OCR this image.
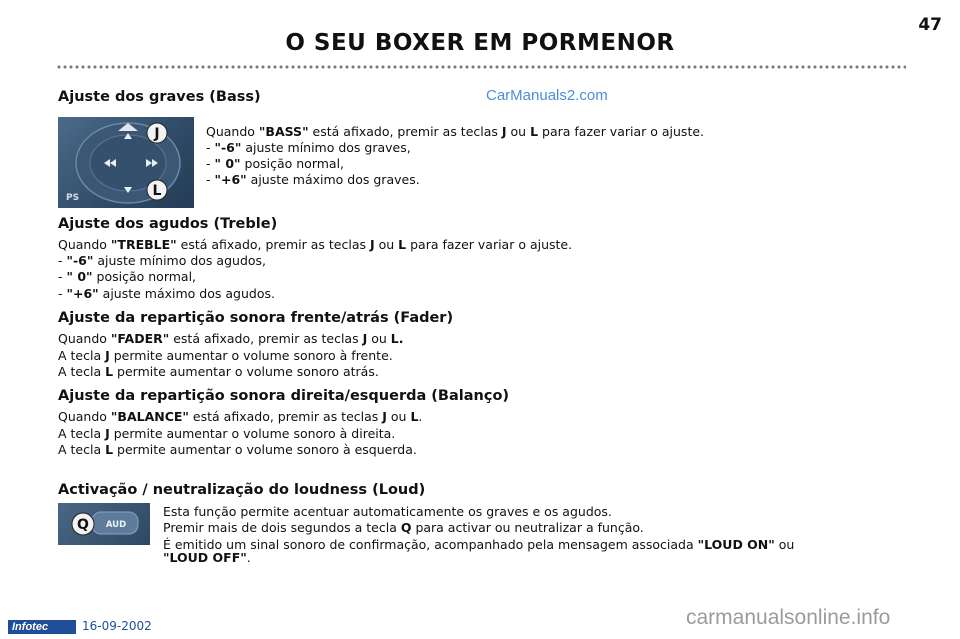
O SEU BOXER EM PORMENOR
47
CarManuals2.com
Ajuste dos graves (Bass)
J
L
PS
Quando "BASS" está afixado, premir as teclas J ou L para fazer variar o ajuste.
- "-6" ajuste mínimo dos graves,
- " 0" posição normal,
- "+6" ajuste máximo dos graves.
Ajuste dos agudos (Treble)
Quando "TREBLE" está afixado, premir as teclas J ou L para fazer variar o ajuste.
- "-6" ajuste mínimo dos agudos,
- " 0" posição normal,
- "+6" ajuste máximo dos agudos.
Ajuste da repartição sonora frente/atrás (Fader)
Quando "FADER" está afixado, premir as teclas J ou L.
A tecla J permite aumentar o volume sonoro à frente.
A tecla L permite aumentar o volume sonoro atrás.
Ajuste da repartição sonora direita/esquerda (Balanço)
Quando "BALANCE" está afixado, premir as teclas J ou L.
A tecla J permite aumentar o volume sonoro à direita.
A tecla L permite aumentar o volume sonoro à esquerda.
Activação / neutralização do loudness (Loud)
Q AUD
Esta função permite acentuar automaticamente os graves e os agudos.
Premir mais de dois segundos a tecla Q para activar ou neutralizar a função.
É emitido um sinal sonoro de confirmação, acompanhado pela mensagem associada "LOUD ON" ou
"LOUD OFF".
Infotec	16-09-2002	carmanualsonline.info
